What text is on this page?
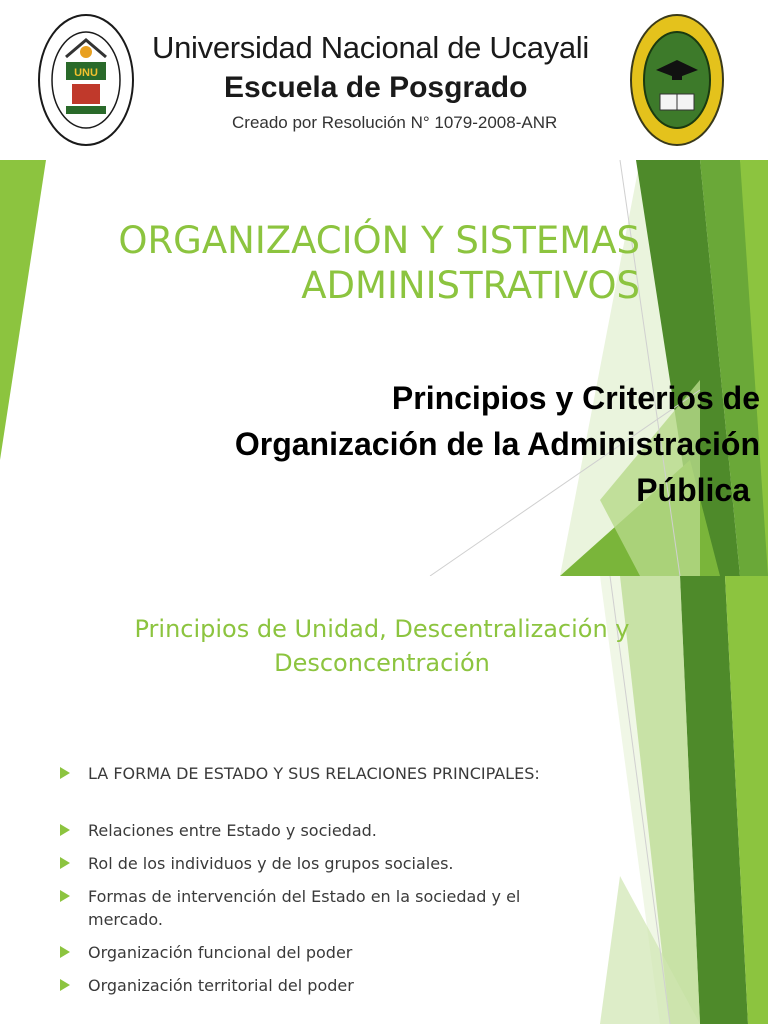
UNU
Universidad Nacional de Ucayali
Escuela de Posgrado
Creado por Resolución N° 1079-2008-ANR
ORGANIZACIÓN Y SISTEMAS
ADMINISTRATIVOS
Principios y Criterios de
Organización de la Administración
Pública
Principios de Unidad, Descentralización y
Desconcentración
LA FORMA DE ESTADO Y SUS RELACIONES PRINCIPALES:
Relaciones entre Estado y sociedad.
Rol de los individuos y de los grupos sociales.
Formas de intervención del Estado en la sociedad y el mercado.
Organización funcional del poder
Organización territorial del poder
